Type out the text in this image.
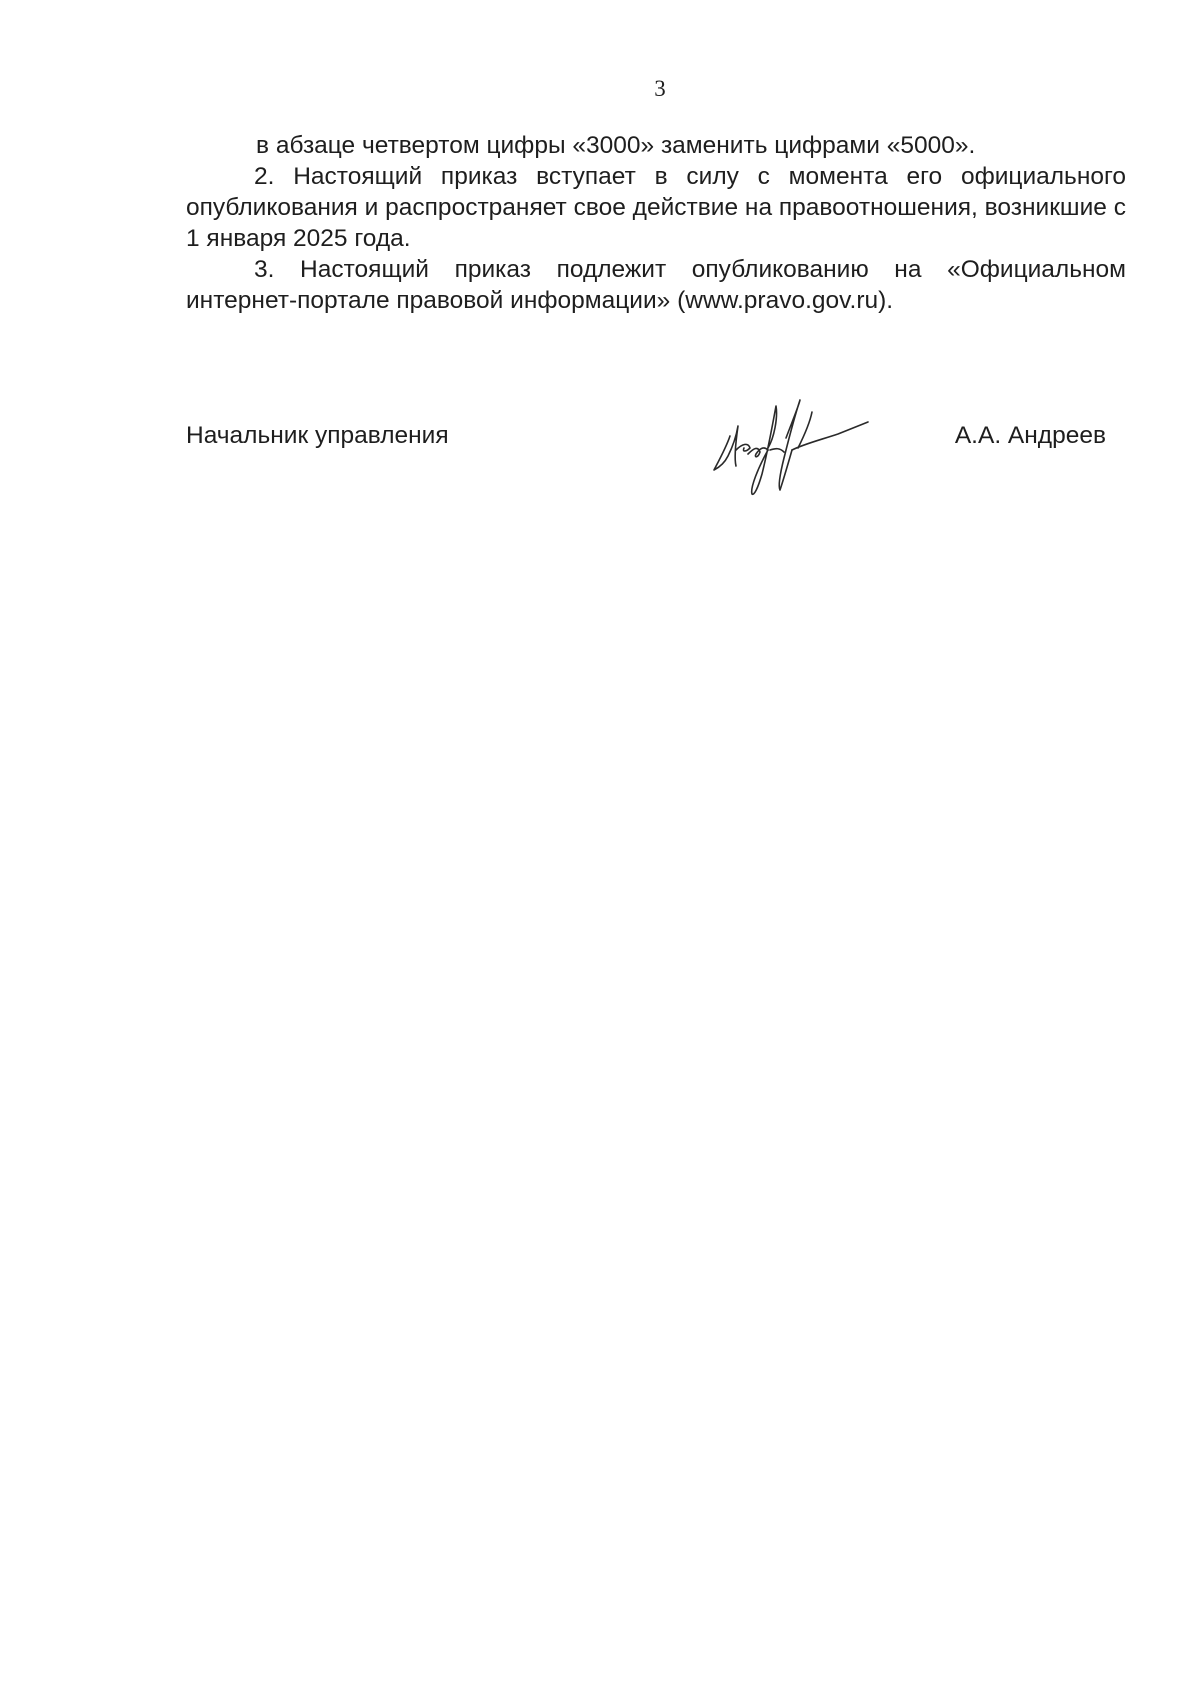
3

в абзаце четвертом цифры «3000» заменить цифрами «5000».

2. Настоящий приказ вступает в силу с момента его официального опубликования и распространяет свое действие на правоотношения, возникшие с 1 января 2025 года.

3. Настоящий приказ подлежит опубликованию на «Официальном интернет-портале правовой информации» (www.pravo.gov.ru).

Начальник управления	А.А. Андреев
